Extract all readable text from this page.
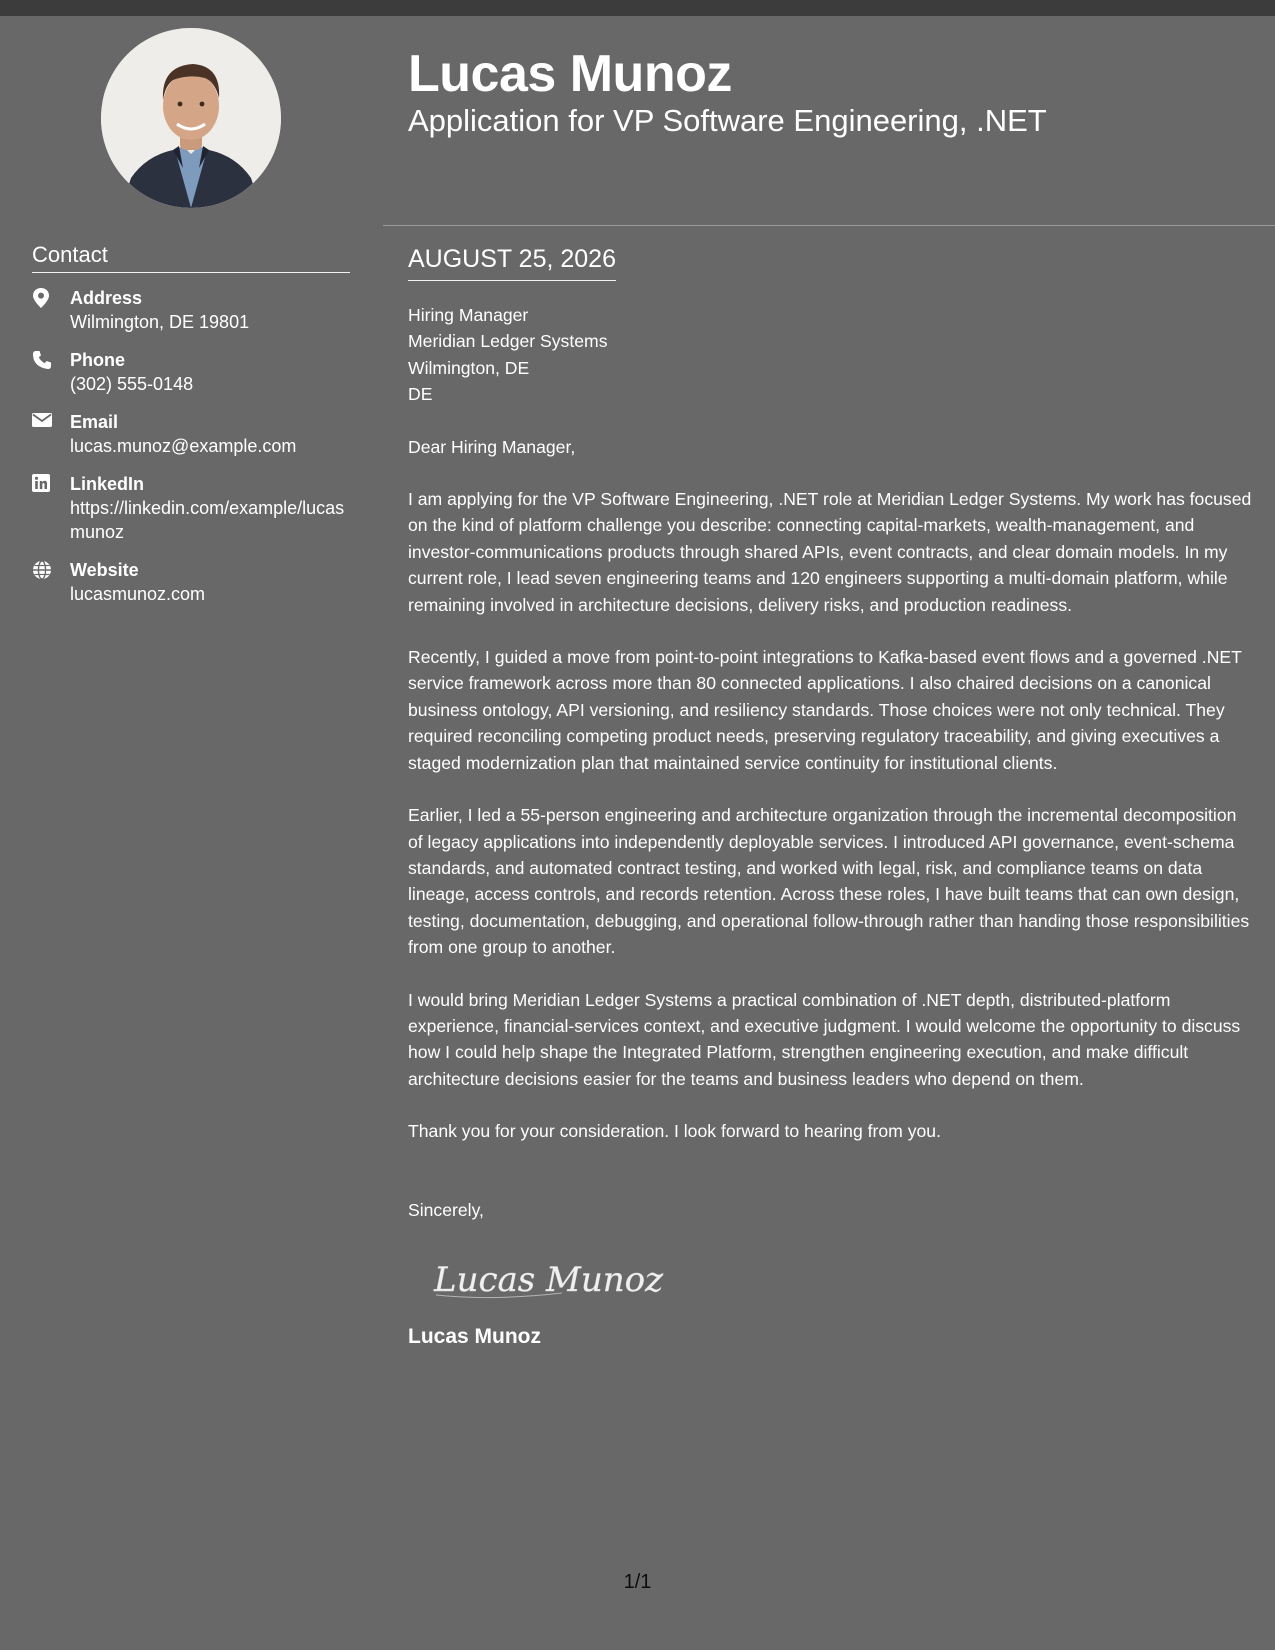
Contact
Address
Wilmington, DE 19801
Phone
(302) 555-0148
Email
lucas.munoz@example.com
LinkedIn
https://linkedin.com/example/lucasmunoz
Website
lucasmunoz.com
Lucas Munoz
Application for VP Software Engineering, .NET
AUGUST 25, 2026
Hiring Manager
Meridian Ledger Systems
Wilmington, DE
DE

Dear Hiring Manager,

I am applying for the VP Software Engineering, .NET role at Meridian Ledger Systems. My work has focused on the kind of platform challenge you describe: connecting capital-markets, wealth-management, and investor-communications products through shared APIs, event contracts, and clear domain models. In my current role, I lead seven engineering teams and 120 engineers supporting a multi-domain platform, while remaining involved in architecture decisions, delivery risks, and production readiness.

Recently, I guided a move from point-to-point integrations to Kafka-based event flows and a governed .NET service framework across more than 80 connected applications. I also chaired decisions on a canonical business ontology, API versioning, and resiliency standards. Those choices were not only technical. They required reconciling competing product needs, preserving regulatory traceability, and giving executives a staged modernization plan that maintained service continuity for institutional clients.

Earlier, I led a 55-person engineering and architecture organization through the incremental decomposition of legacy applications into independently deployable services. I introduced API governance, event-schema standards, and automated contract testing, and worked with legal, risk, and compliance teams on data lineage, access controls, and records retention. Across these roles, I have built teams that can own design, testing, documentation, debugging, and operational follow-through rather than handing those responsibilities from one group to another.

I would bring Meridian Ledger Systems a practical combination of .NET depth, distributed-platform experience, financial-services context, and executive judgment. I would welcome the opportunity to discuss how I could help shape the Integrated Platform, strengthen engineering execution, and make difficult architecture decisions easier for the teams and business leaders who depend on them.

Thank you for your consideration. I look forward to hearing from you.

Sincerely,

Lucas Munoz
Lucas Munoz
1/1
